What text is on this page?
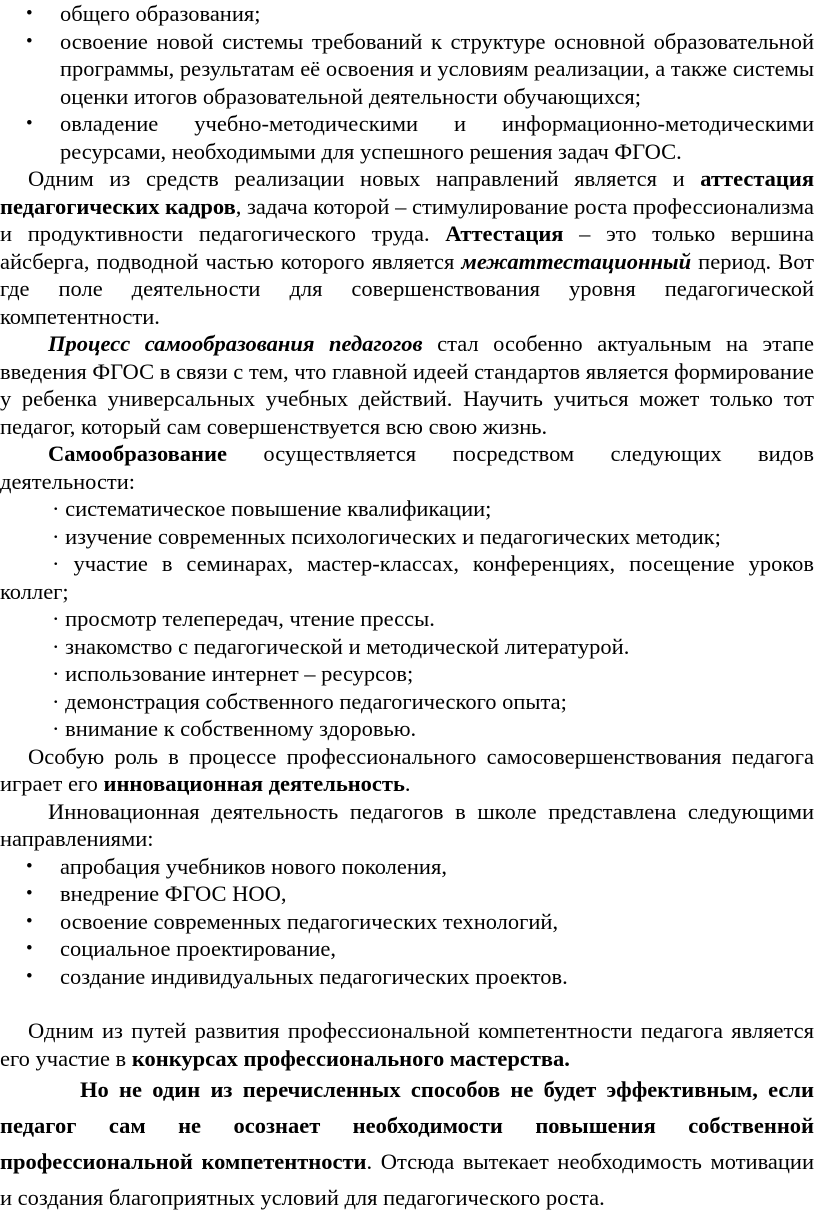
• общего образования;

• освоение новой системы требований к структуре основной образовательной программы, результатам её освоения и условиям реализации, а также системы оценки итогов образовательной деятельности обучающихся;

• овладение учебно-методическими и информационно-методическими ресурсами, необходимыми для успешного решения задач ФГОС.

Одним из средств реализации новых направлений является и аттестация педагогических кадров, задача которой – стимулирование роста профессионализма и продуктивности педагогического труда. Аттестация – это только вершина айсберга, подводной частью которого является межаттестационный период. Вот где поле деятельности для совершенствования уровня педагогической компетентности.

Процесс самообразования педагогов стал особенно актуальным на этапе введения ФГОС в связи с тем, что главной идеей стандартов является формирование у ребенка универсальных учебных действий. Научить учиться может только тот педагог, который сам совершенствуется всю свою жизнь.

Самообразование осуществляется посредством следующих видов деятельности:

· систематическое повышение квалификации;

· изучение современных психологических и педагогических методик;

· участие в семинарах, мастер-классах, конференциях, посещение уроков коллег;

· просмотр телепередач, чтение прессы.

· знакомство с педагогической и методической литературой.

· использование интернет – ресурсов;

· демонстрация собственного педагогического опыта;

· внимание к собственному здоровью.

Особую роль в процессе профессионального самосовершенствования педагога играет его инновационная деятельность.

Инновационная деятельность педагогов в школе представлена следующими направлениями:

• апробация учебников нового поколения,

• внедрение ФГОС НОО,

• освоение современных педагогических технологий,

• социальное проектирование,

• создание индивидуальных педагогических проектов.

Одним из путей развития профессиональной компетентности педагога является его участие в конкурсах профессионального мастерства.

Но не один из перечисленных способов не будет эффективным, если педагог сам не осознает необходимости повышения собственной профессиональной компетентности. Отсюда вытекает необходимость мотивации и создания благоприятных условий для педагогического роста.
